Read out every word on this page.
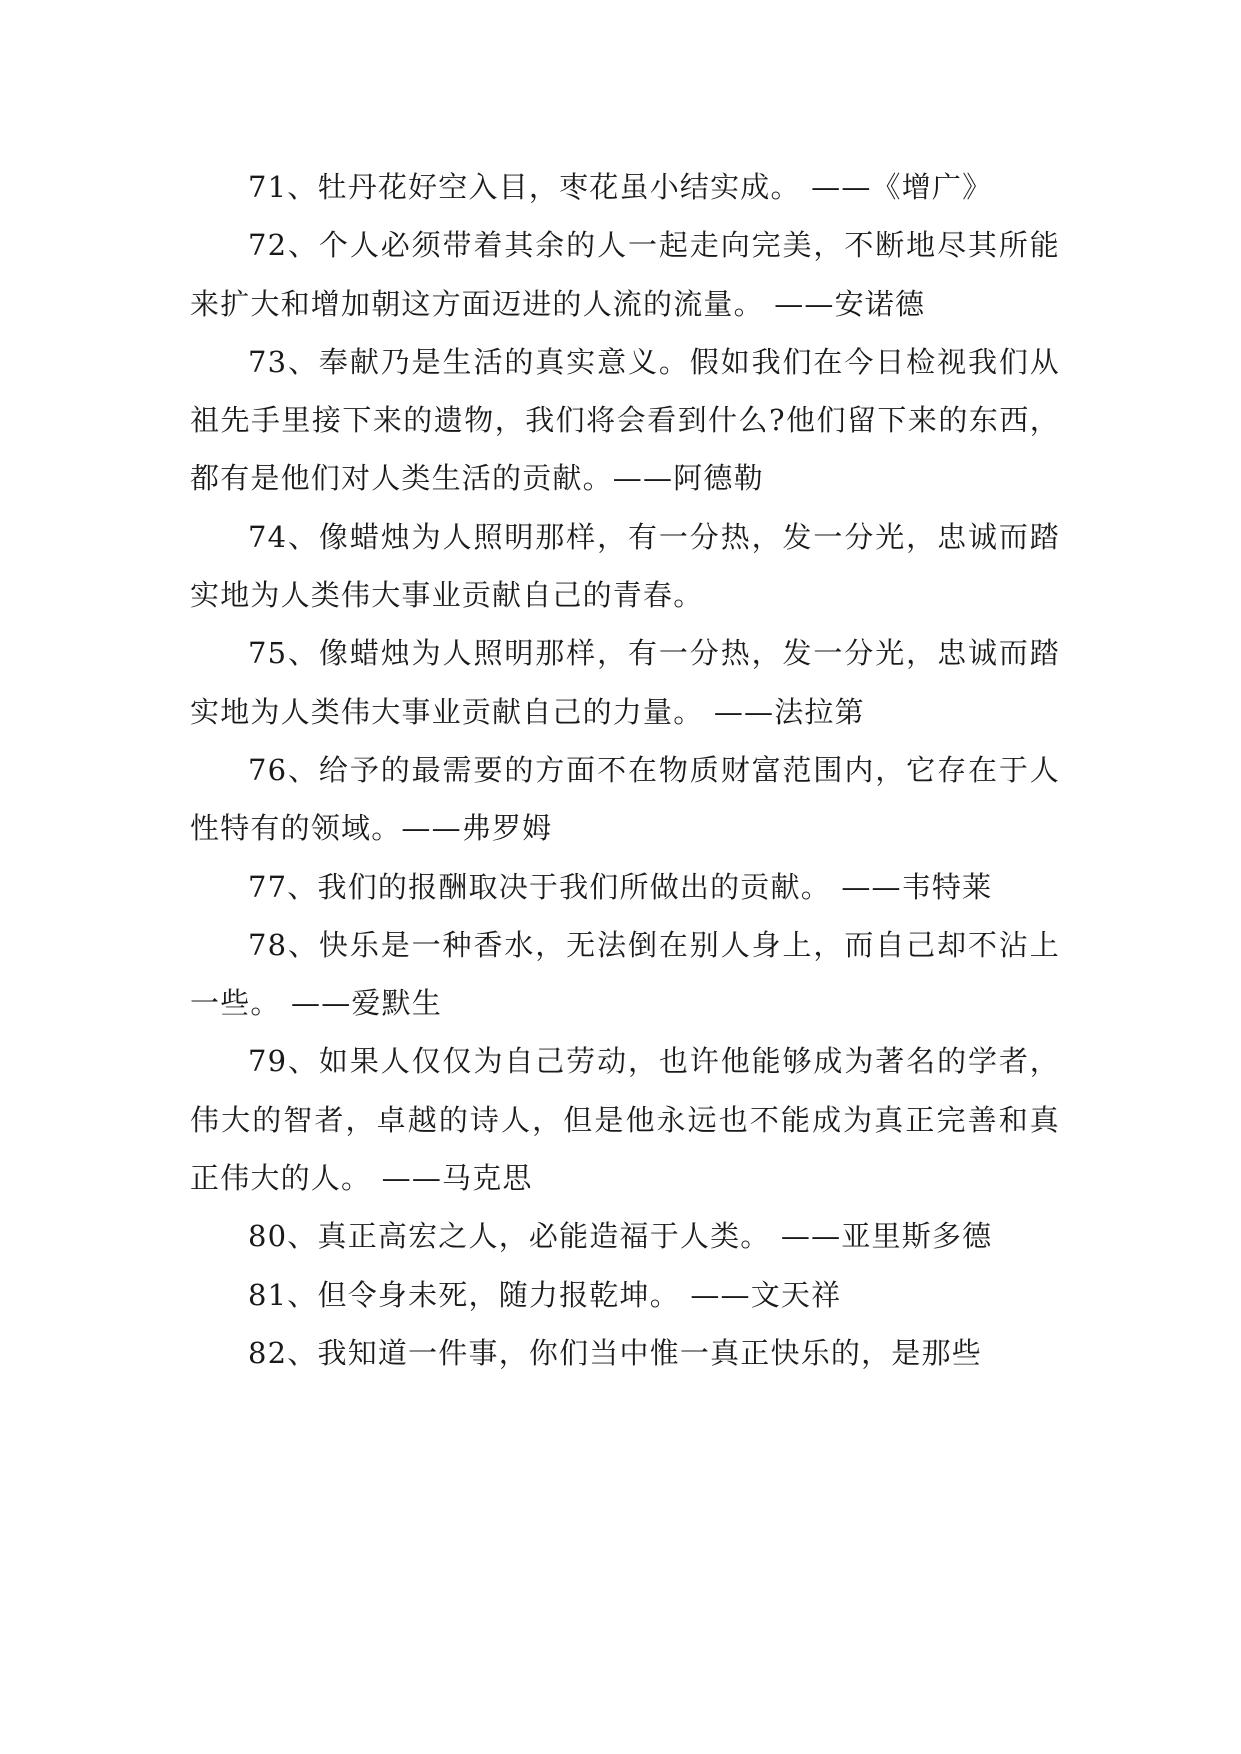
71、牡丹花好空入目，枣花虽小结实成。 ——《增广》

72、个人必须带着其余的人一起走向完美，不断地尽其所能来扩大和增加朝这方面迈进的人流的流量。 ——安诺德

73、奉献乃是生活的真实意义。假如我们在今日检视我们从祖先手里接下来的遗物，我们将会看到什么?他们留下来的东西，都有是他们对人类生活的贡献。——阿德勒

74、像蜡烛为人照明那样，有一分热，发一分光，忠诚而踏实地为人类伟大事业贡献自己的青春。

75、像蜡烛为人照明那样，有一分热，发一分光，忠诚而踏实地为人类伟大事业贡献自己的力量。 ——法拉第

76、给予的最需要的方面不在物质财富范围内，它存在于人性特有的领域。——弗罗姆

77、我们的报酬取决于我们所做出的贡献。 ——韦特莱

78、快乐是一种香水，无法倒在别人身上，而自己却不沾上一些。 ——爱默生

79、如果人仅仅为自己劳动，也许他能够成为著名的学者，伟大的智者，卓越的诗人，但是他永远也不能成为真正完善和真正伟大的人。 ——马克思

80、真正高宏之人，必能造福于人类。 ——亚里斯多德

81、但令身未死，随力报乾坤。 ——文天祥

82、我知道一件事，你们当中惟一真正快乐的，是那些
